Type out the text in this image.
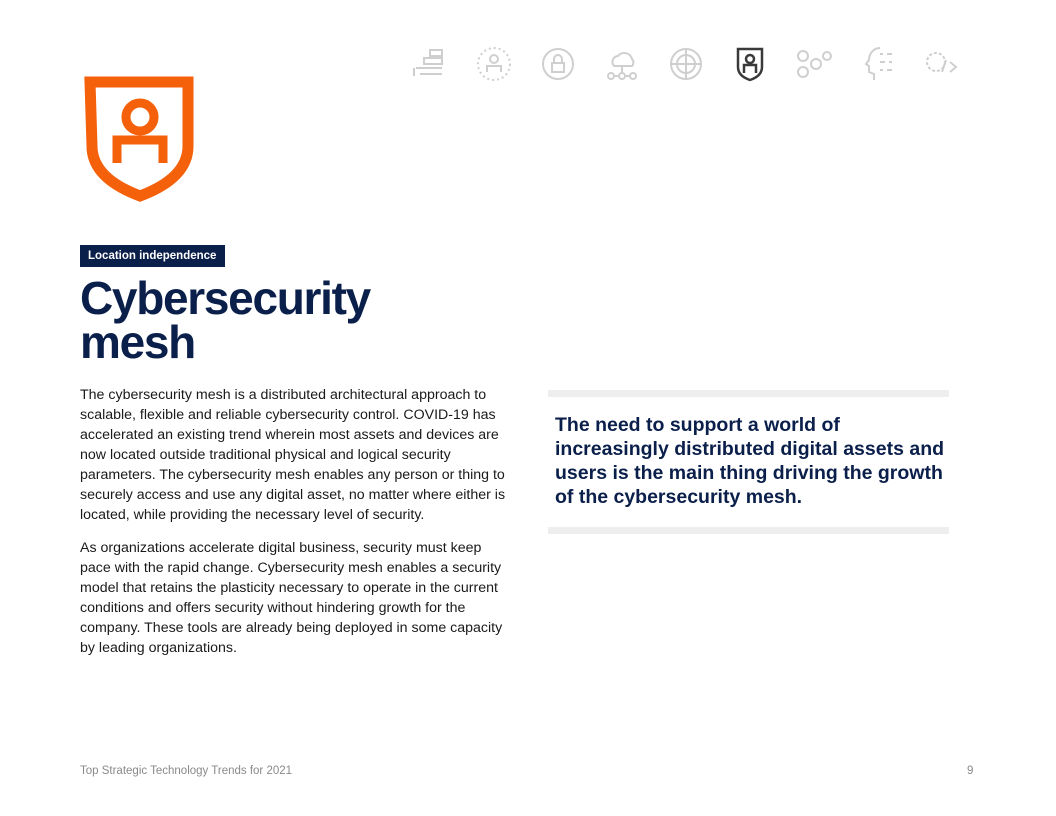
Location independence
Cybersecurity
mesh

The cybersecurity mesh is a distributed architectural approach to scalable, flexible and reliable cybersecurity control. COVID-19 has accelerated an existing trend wherein most assets and devices are now located outside traditional physical and logical security parameters. The cybersecurity mesh enables any person or thing to securely access and use any digital asset, no matter where either is located, while providing the necessary level of security.

As organizations accelerate digital business, security must keep pace with the rapid change. Cybersecurity mesh enables a security model that retains the plasticity necessary to operate in the current conditions and offers security without hindering growth for the company. These tools are already being deployed in some capacity by leading organizations.

The need to support a world of increasingly distributed digital assets and users is the main thing driving the growth of the cybersecurity mesh.

Top Strategic Technology Trends for 2021	9
